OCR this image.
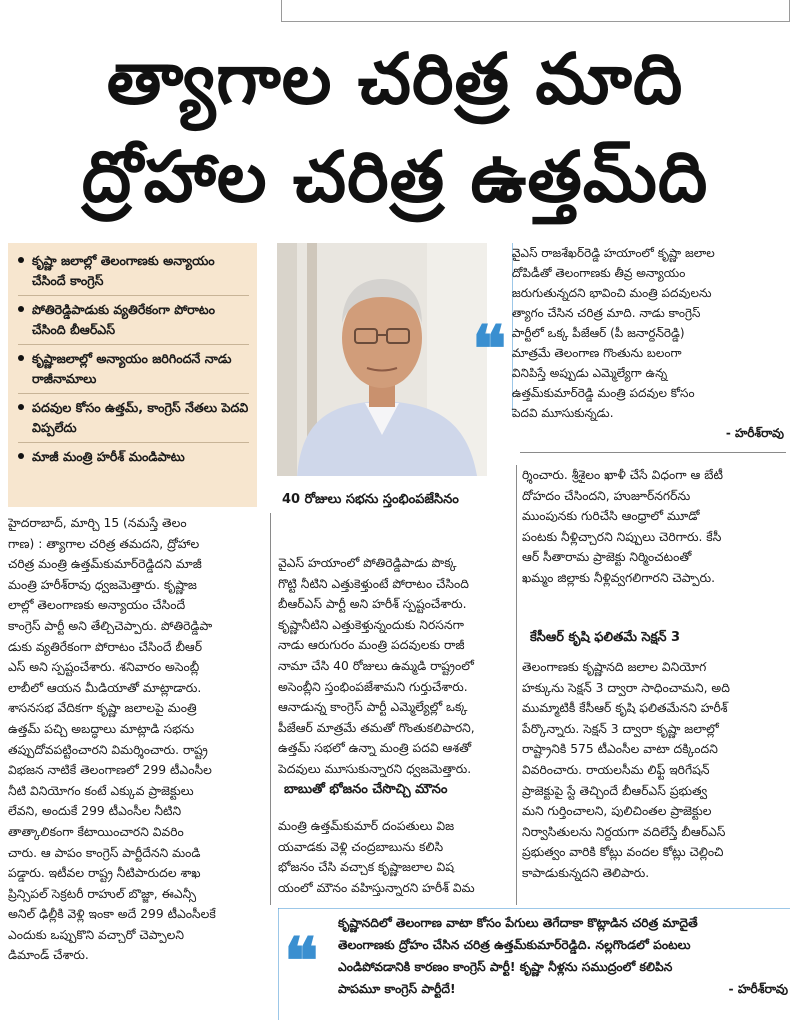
త్యాగాల చరిత్ర మాది
ద్రోహాల చరిత్ర ఉత్తమ్‌ది
కృష్ణా జలాల్లో తెలంగాణకు అన్యాయం చేసిందే కాంగ్రెస్
పోతిరెడ్డిపాడుకు వ్యతిరేకంగా పోరాటం చేసింది బీఆర్‌ఎస్
కృష్ణాజలాల్లో అన్యాయం జరిగిందనే నాడు రాజీనామాలు
పదవుల కోసం ఉత్తమ్, కాంగ్రెస్ నేతలు పెదవి విప్పలేదు
మాజీ మంత్రి హరీశ్ మండిపాటు
❝
వైఎస్ రాజశేఖర్‌రెడ్డి హయాంలో కృష్ణా జలాల
దోపిడీతో తెలంగాణకు తీవ్ర అన్యాయం
జరుగుతున్నదని భావించి మంత్రి పదవులను
త్యాగం చేసిన చరిత్ర మాది. నాడు కాంగ్రెస్
పార్టీలో ఒక్క పీజేఆర్ (పీ జనార్దన్‌రెడ్డి)
మాత్రమే తెలంగాణ గొంతును బలంగా
వినిపిస్తే అప్పుడు ఎమ్మెల్యేగా ఉన్న
ఉత్తమ్‌కుమార్‌రెడ్డి మంత్రి పదవుల కోసం
పెదవి మూసుకున్నడు.
- హరీశ్‌రావు
హైదరాబాద్, మార్చి 15 (నమస్తే తెలం
గాణ) : త్యాగాల చరిత్ర తమదని, ద్రోహాల
చరిత్ర మంత్రి ఉత్తమ్‌కుమార్‌రెడ్డిదని మాజీ
మంత్రి హరీశ్‌రావు ధ్వజమెత్తారు. కృష్ణాజ
లాల్లో తెలంగాణకు అన్యాయం చేసిందే
కాంగ్రెస్ పార్టీ అని తేల్చిచెప్పారు. పోతిరెడ్డిపా
డుకు వ్యతిరేకంగా పోరాటం చేసిందే బీఆర్
ఎస్ అని స్పష్టంచేశారు. శనివారం అసెంబ్లీ
లాబీలో ఆయన మీడియాతో మాట్లాడారు.
శాసనసభ వేదికగా కృష్ణా జలాలపై మంత్రి
ఉత్తమ్ పచ్చి అబద్ధాలు మాట్లాడి సభను
తప్పుదోవపట్టించారని విమర్శించారు. రాష్ట్ర
విభజన నాటికే తెలంగాణలో 299 టీఎంసీల
నీటి వినియోగం కంటే ఎక్కువ ప్రాజెక్టులు
లేవని, అందుకే 299 టీఎంసీల నీటిని
తాత్కాలికంగా కేటాయించారని వివరిం
చారు. ఆ పాపం కాంగ్రెస్ పార్టీదేనని మండి
పడ్డారు. ఇటీవల రాష్ట్ర నీటిపారుదల శాఖ
ప్రిన్సిపల్ సెక్రటరీ రాహుల్ బొజ్జా, ఈఎన్సీ
అనిల్ ఢిల్లీకి వెళ్లి ఇంకా అదే 299 టీఎంసీలకే
ఎందుకు ఒప్పుకొని వచ్చారో చెప్పాలని
డిమాండ్ చేశారు.
40 రోజులు సభను స్తంభింపజేసినం
వైఎస్ హయాంలో పోతిరెడ్డిపాడు పొక్క
గొట్టి నీటిని ఎత్తుకెళ్తుంటే పోరాటం చేసింది
బీఆర్‌ఎస్ పార్టీ అని హరీశ్ స్పష్టంచేశారు.
కృష్ణానీటిని ఎత్తుకెళ్తున్నందుకు నిరసనగా
నాడు ఆరుగురం మంత్రి పదవులకు రాజీ
నామా చేసి 40 రోజులు ఉమ్మడి రాష్ట్రంలో
అసెంబ్లీని స్తంభింపజేశామని గుర్తుచేశారు.
ఆనాడున్న కాంగ్రెస్ పార్టీ ఎమ్మెల్యేల్లో ఒక్క
పీజేఆర్ మాత్రమే తమతో గొంతుకలిపారని,
ఉత్తమ్ సభలో ఉన్నా మంత్రి పదవి ఆశతో
పెదవులు మూసుకున్నారని ధ్వజమెత్తారు.
బాబుతో భోజనం చేసొచ్చి మౌనం
మంత్రి ఉత్తమ్‌కుమార్ దంపతులు విజ
యవాడకు వెళ్లి చంద్రబాబును కలిసి
భోజనం చేసి వచ్చాక కృష్ణాజలాల విష
యంలో మౌనం వహిస్తున్నారని హరీశ్ విమ
ర్శించారు. శ్రీశైలం ఖాళీ చేసే విధంగా ఆ బేటీ
దోహదం చేసిందని, హుజూర్‌నగర్‌ను
ముంపునకు గురిచేసి ఆంధ్రాలో మూడో
పంటకు నీళ్లిచ్చారని నిప్పులు చెరిగారు. కేసీ
ఆర్ సీతారామ ప్రాజెక్టు నిర్మించటంతో
ఖమ్మం జిల్లాకు నీళ్లివ్వగలిగారని చెప్పారు.
కేసీఆర్ కృషి ఫలితమే సెక్షన్ 3
తెలంగాణకు కృష్ణానది జలాల వినియోగ
హక్కును సెక్షన్ 3 ద్వారా సాధించామని, అది
ముమ్మాటికీ కేసీఆర్ కృషి ఫలితమేనని హరీశ్
పేర్కొన్నారు. సెక్షన్ 3 ద్వారా కృష్ణా జలాల్లో
రాష్ట్రానికి 575 టీఎంసీల వాటా దక్కిందని
వివరించారు. రాయలసీమ లిఫ్ట్ ఇరిగేషన్
ప్రాజెక్టుపై స్టే తెచ్చిందే బీఆర్‌ఎస్ ప్రభుత్వ
మని గుర్తించాలని, పులిచింతల ప్రాజెక్టుల
నిర్వాసితులను నిర్దయగా వదిలేస్తే బీఆర్‌ఎస్
ప్రభుత్వం వారికి కోట్లు వందల కోట్లు చెల్లించి
కాపాడుకున్నదని తెలిపారు.
❝
కృష్ణానదిలో తెలంగాణ వాటా కోసం పేగులు తెగేదాకా కొట్లాడిన చరిత్ర మాదైతే
తెలంగాణకు ద్రోహం చేసిన చరిత్ర ఉత్తమ్‌కుమార్‌రెడ్డిది. నల్లగొండలో పంటలు
ఎండిపోవడానికి కారణం కాంగ్రెస్ పార్టీ! కృష్ణా నీళ్లను సముద్రంలో కలిపిన
పాపమూ కాంగ్రెస్ పార్టీదే!	- హరీశ్‌రావు
